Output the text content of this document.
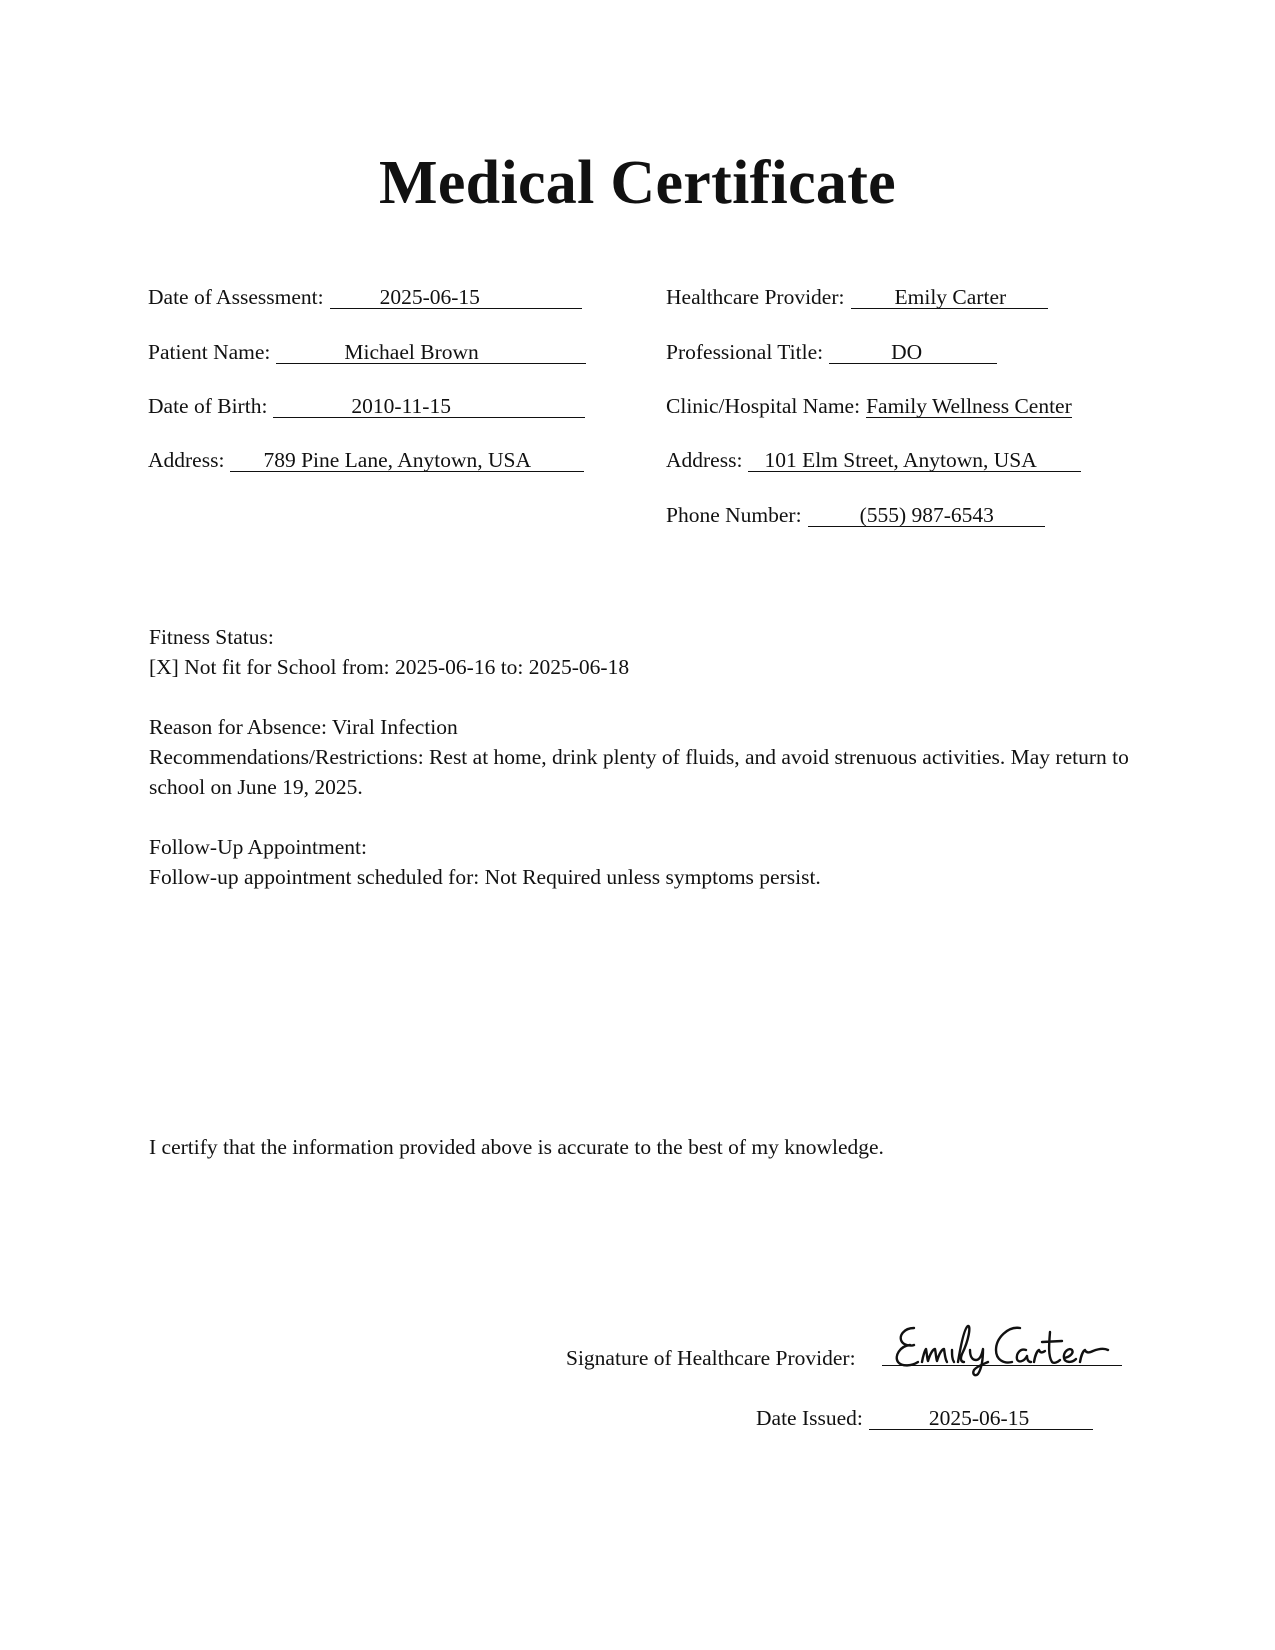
Medical Certificate
Date of Assessment:	2025-06-15
Patient Name:	Michael Brown
Date of Birth:	2010-11-15
Address: 789 Pine Lane, Anytown, USA
Healthcare Provider: Emily Carter
Professional Title:	DO
Clinic/Hospital Name: Family Wellness Center
Address: 101 Elm Street, Anytown, USA
Phone Number:	(555) 987-6543
Fitness Status:
[X] Not fit for School from: 2025-06-16 to: 2025-06-18
Reason for Absence: Viral Infection
Recommendations/Restrictions: Rest at home, drink plenty of fluids, and avoid strenuous activities. May return to school on June 19, 2025.
Follow-Up Appointment:
Follow-up appointment scheduled for: Not Required unless symptoms persist.
I certify that the information provided above is accurate to the best of my knowledge.
Signature of Healthcare Provider:
Date Issued:	2025-06-15
